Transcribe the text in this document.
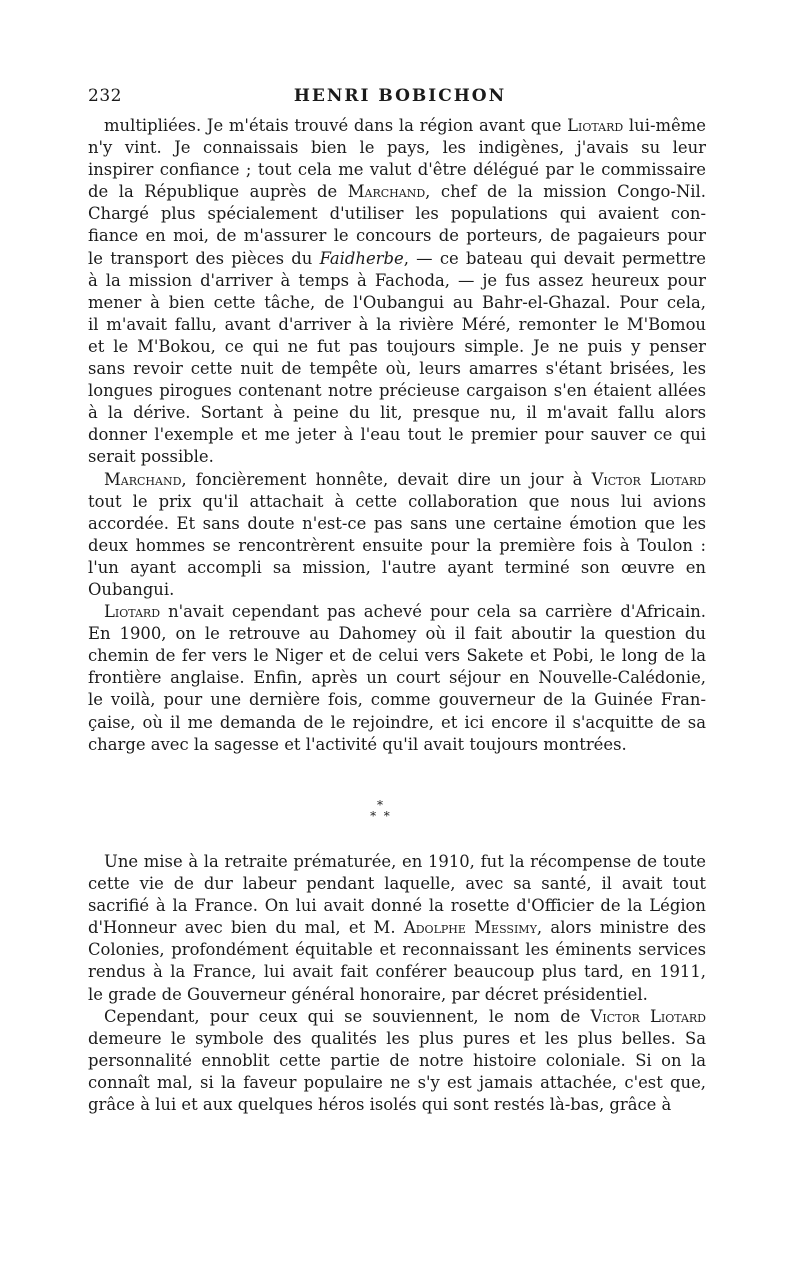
232	HENRI BOBICHON
multipliées. Je m'étais trouvé dans la région avant que Liotard lui-même
n'y vint. Je connaissais bien le pays, les indigènes, j'avais su leur
inspirer confiance ; tout cela me valut d'être délégué par le commissaire
de la République auprès de Marchand, chef de la mission Congo-Nil.
Chargé plus spécialement d'utiliser les populations qui avaient con-
fiance en moi, de m'assurer le concours de porteurs, de pagaieurs pour
le transport des pièces du Faidherbe, — ce bateau qui devait permettre
à la mission d'arriver à temps à Fachoda, — je fus assez heureux pour
mener à bien cette tâche, de l'Oubangui au Bahr-el-Ghazal. Pour cela,
il m'avait fallu, avant d'arriver à la rivière Méré, remonter le M'Bomou
et le M'Bokou, ce qui ne fut pas toujours simple. Je ne puis y penser
sans revoir cette nuit de tempête où, leurs amarres s'étant brisées, les
longues pirogues contenant notre précieuse cargaison s'en étaient allées
à la dérive. Sortant à peine du lit, presque nu, il m'avait fallu alors
donner l'exemple et me jeter à l'eau tout le premier pour sauver ce qui
serait possible.
Marchand, foncièrement honnête, devait dire un jour à Victor Liotard
tout le prix qu'il attachait à cette collaboration que nous lui avions
accordée. Et sans doute n'est-ce pas sans une certaine émotion que les
deux hommes se rencontrèrent ensuite pour la première fois à Toulon :
l'un ayant accompli sa mission, l'autre ayant terminé son œuvre en
Oubangui.
Liotard n'avait cependant pas achevé pour cela sa carrière d'Africain.
En 1900, on le retrouve au Dahomey où il fait aboutir la question du
chemin de fer vers le Niger et de celui vers Sakete et Pobi, le long de la
frontière anglaise. Enfin, après un court séjour en Nouvelle-Calédonie,
le voilà, pour une dernière fois, comme gouverneur de la Guinée Fran-
çaise, où il me demanda de le rejoindre, et ici encore il s'acquitte de sa
charge avec la sagesse et l'activité qu'il avait toujours montrées.
*
*  *
Une mise à la retraite prématurée, en 1910, fut la récompense de toute
cette vie de dur labeur pendant laquelle, avec sa santé, il avait tout
sacrifié à la France. On lui avait donné la rosette d'Officier de la Légion
d'Honneur avec bien du mal, et M. Adolphe Messimy, alors ministre des
Colonies, profondément équitable et reconnaissant les éminents services
rendus à la France, lui avait fait conférer beaucoup plus tard, en 1911,
le grade de Gouverneur général honoraire, par décret présidentiel.
Cependant, pour ceux qui se souviennent, le nom de Victor Liotard
demeure le symbole des qualités les plus pures et les plus belles. Sa
personnalité ennoblit cette partie de notre histoire coloniale. Si on la
connaît mal, si la faveur populaire ne s'y est jamais attachée, c'est que,
grâce à lui et aux quelques héros isolés qui sont restés là-bas, grâce à
